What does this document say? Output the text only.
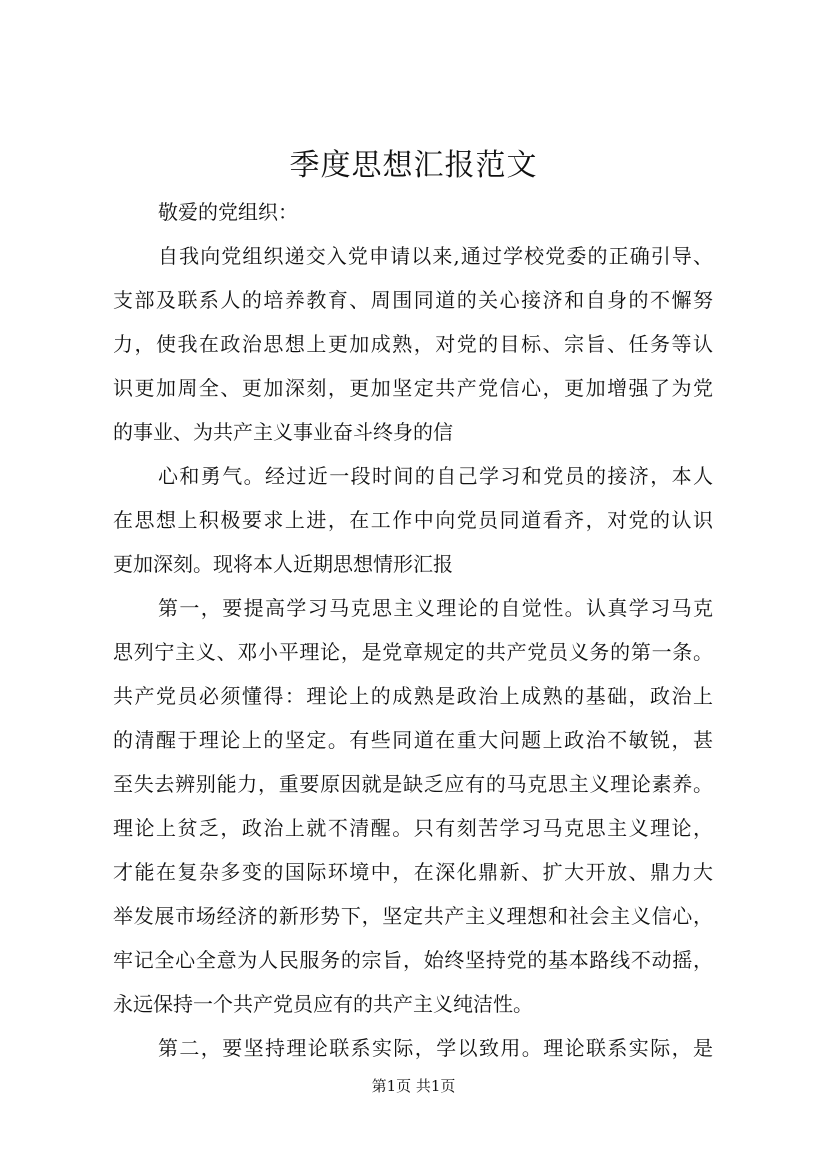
季度思想汇报范文
敬爱的党组织：
自我向党组织递交入党申请以来,通过学校党委的正确引导、
支部及联系人的培养教育、周围同道的关心接济和自身的不懈努
力，使我在政治思想上更加成熟，对党的目标、宗旨、任务等认
识更加周全、更加深刻，更加坚定共产党信心，更加增强了为党
的事业、为共产主义事业奋斗终身的信
心和勇气。经过近一段时间的自己学习和党员的接济，本人
在思想上积极要求上进，在工作中向党员同道看齐，对党的认识
更加深刻。现将本人近期思想情形汇报
第一，要提高学习马克思主义理论的自觉性。认真学习马克
思列宁主义、邓小平理论，是党章规定的共产党员义务的第一条。
共产党员必须懂得：理论上的成熟是政治上成熟的基础，政治上
的清醒于理论上的坚定。有些同道在重大问题上政治不敏锐，甚
至失去辨别能力，重要原因就是缺乏应有的马克思主义理论素养。
理论上贫乏，政治上就不清醒。只有刻苦学习马克思主义理论，
才能在复杂多变的国际环境中，在深化鼎新、扩大开放、鼎力大
举发展市场经济的新形势下，坚定共产主义理想和社会主义信心，
牢记全心全意为人民服务的宗旨，始终坚持党的基本路线不动摇，
永远保持一个共产党员应有的共产主义纯洁性。
第二，要坚持理论联系实际，学以致用。理论联系实际，是
第1页 共1页
